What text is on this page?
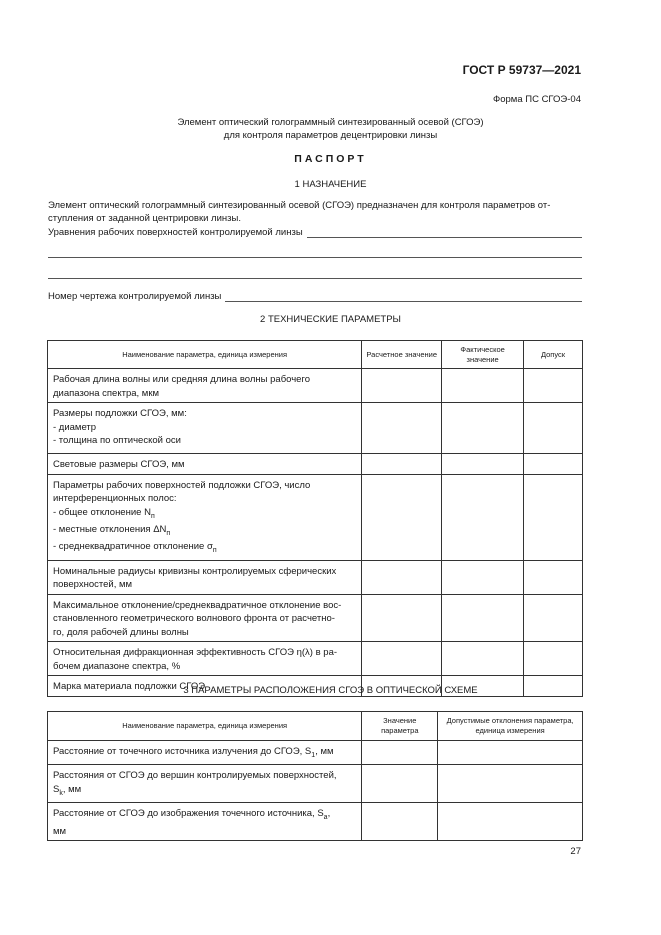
ГОСТ Р 59737—2021
Форма ПС СГОЭ-04
Элемент оптический голограммный синтезированный осевой (СГОЭ)
для контроля параметров децентрировки линзы
ПАСПОРТ
1 НАЗНАЧЕНИЕ
Элемент оптический голограммный синтезированный осевой (СГОЭ) предназначен для контроля параметров от-
ступления от заданной центрировки линзы.
Уравнения рабочих поверхностей контролируемой линзы
Номер чертежа контролируемой линзы
2 ТЕХНИЧЕСКИЕ ПАРАМЕТРЫ
Наименование параметра, единица измерения	Расчетное значение	Фактическое значение	Допуск

Рабочая длина волны или средняя длина волны рабочего
диапазона спектра, мкм			

Размеры подложки СГОЭ, мм:
- диаметр
- толщина по оптической оси			

Световые размеры СГОЭ, мм			

Параметры рабочих поверхностей подложки СГОЭ, число
интерференционных полос:
- общее отклонение $N_п$
- местные отклонения $\Delta N_п$
- среднеквадратичное отклонение $\sigma_п$

Номинальные радиусы кривизны контролируемых сферических
поверхностей, мм			

Максимальное отклонение/среднеквадратичное отклонение вос-
становленного геометрического волнового фронта от расчетно-
го, доля рабочей длины волны			

Относительная дифракционная эффективность СГОЭ η(λ) в ра-
бочем диапазоне спектра, %			

Марка материала подложки СГОЭ			

3 ПАРАМЕТРЫ РАСПОЛОЖЕНИЯ СГОЭ В ОПТИЧЕСКОЙ СХЕМЕ
Наименование параметра, единица измерения	Значение параметра	Допустимые отклонения параметра, единица измерения
Расстояние от точечного источника излучения до СГОЭ, $S_1$, мм		

Расстояния от СГОЭ до вершин контролируемых поверхностей,
$S_k$, мм		

Расстояние от СГОЭ до изображения точечного источника, $S_a$,
мм		

27
